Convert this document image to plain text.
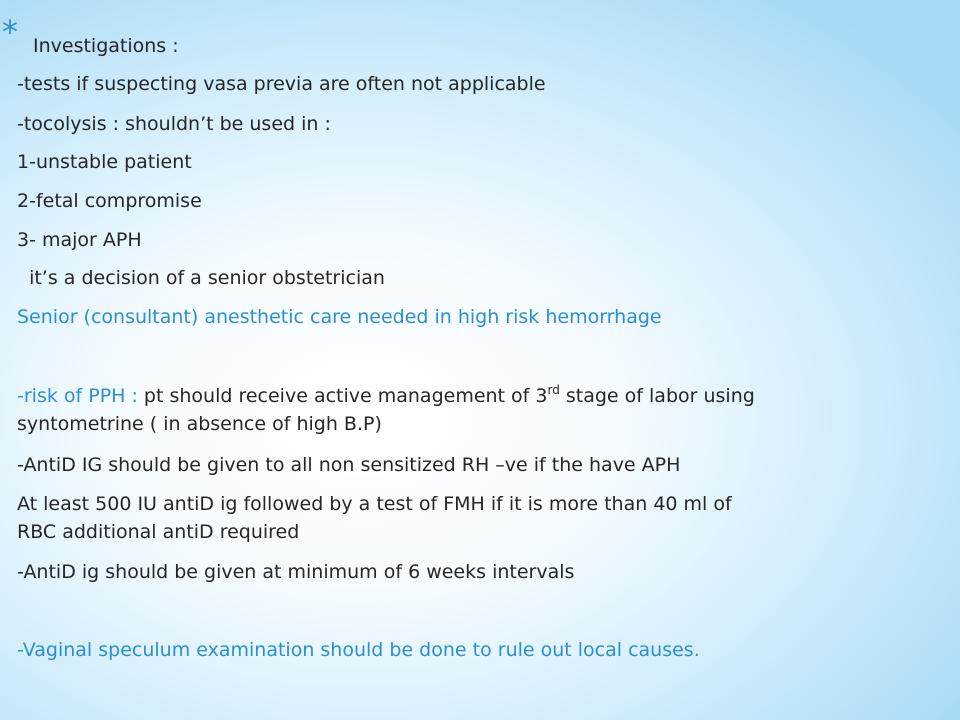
* Investigations :
-tests if suspecting vasa previa are often not applicable
-tocolysis : shouldn’t be used in :
1-unstable patient
2-fetal compromise
3- major APH
it’s a decision of a senior obstetrician
Senior (consultant) anesthetic care needed in high risk hemorrhage
-risk of PPH : pt should receive active management of 3rd stage of labor using
syntometrine ( in absence of high B.P)
-AntiD IG should be given to all non sensitized RH –ve if the have APH
At least 500 IU antiD ig followed by a test of FMH if it is more than 40 ml of
RBC additional antiD required
-AntiD ig should be given at minimum of 6 weeks intervals
-Vaginal speculum examination should be done to rule out local causes.
